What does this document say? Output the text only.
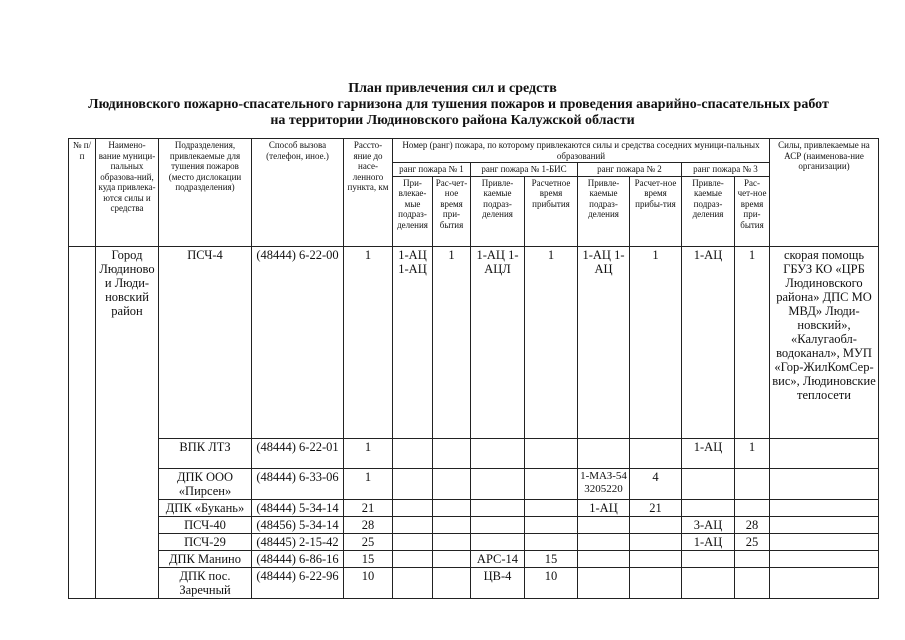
План привлечения сил и средств
Людиновского пожарно-спасательного гарнизона для тушения пожаров и проведения аварийно-спасательных работ
на территории Людиновского района Калужской области
№ п/п	Наимено-вание муници-пальных образова-ний, куда привлека-ются силы и средства	Подразделения, привлекаемые для тушения пожаров (место дислокации подразделения)	Способ вызова (телефон, иное.)	Рассто-яние до насе-ленного пункта, км	Номер (ранг) пожара, по которому привлекаются силы и средства соседних муници-пальных образований								Силы, привлекаемые на АСР (наименова-ние организации)
					ранг пожара № 1		ранг пожара № 1-БИС		ранг пожара № 2		ранг пожара № 3		
					При-влекае-мые подраз-деления	Рас-чет-ное время при-бытия	Привле-каемые подраз-деления	Расчетное время прибытия	Привле-каемые подраз-деления	Расчет-ное время прибы-тия	Привле-каемые подраз-деления	Рас-чет-ное время при-бытия	
	Город Людиново и Люди-новский район	ПСЧ-4	(48444) 6-22-00	1	1-АЦ 1-АЦ	1	1-АЦ 1-АЦЛ	1	1-АЦ 1-АЦ	1	1-АЦ	1	скорая помощь ГБУЗ КО «ЦРБ Людиновского района» ДПС МО МВД» Люди-новский», «Калугаобл-водоканал», МУП «Гор-ЖилКомСер-вис», Людиновские теплосети
		ВПК ЛТЗ	(48444) 6-22-01	1							1-АЦ	1	
		ДПК ООО «Пирсен»	(48444) 6-33-06	1					1-МАЗ-543205220	4			
		ДПК «Букань»	(48444) 5-34-14	21					1-АЦ	21			
		ПСЧ-40	(48456) 5-34-14	28							3-АЦ	28	
		ПСЧ-29	(48445) 2-15-42	25							1-АЦ	25	
		ДПК Манино	(48444) 6-86-16	15			АРС-14	15					
		ДПК пос. Заречный	(48444) 6-22-96	10			ЦВ-4	10					
